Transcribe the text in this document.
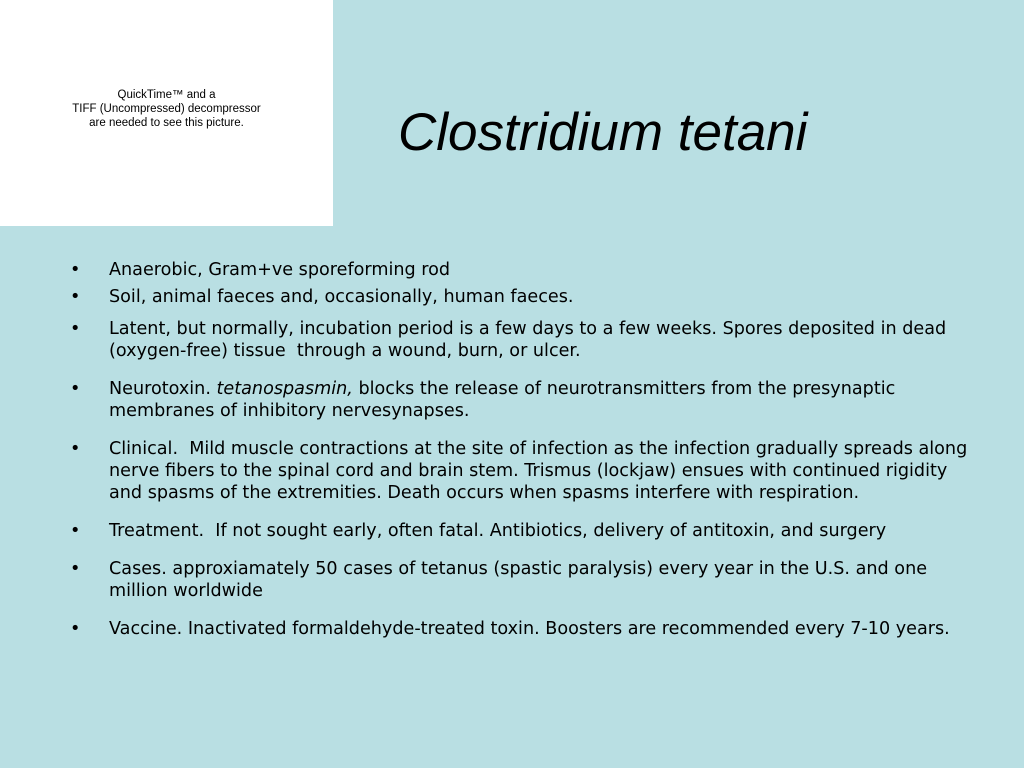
QuickTime™ and a
TIFF (Uncompressed) decompressor
are needed to see this picture.	Clostridium tetani
• Anaerobic, Gram+ve sporeforming rod
• Soil, animal faeces and, occasionally, human faeces.
• Latent, but normally, incubation period is a few days to a few weeks. Spores deposited in dead (oxygen-free) tissue  through a wound, burn, or ulcer.
• Neurotoxin. tetanospasmin, blocks the release of neurotransmitters from the presynaptic membranes of inhibitory nervesynapses.
• Clinical.  Mild muscle contractions at the site of infection as the infection gradually spreads along nerve fibers to the spinal cord and brain stem. Trismus (lockjaw) ensues with continued rigidity and spasms of the extremities. Death occurs when spasms interfere with respiration.
• Treatment.  If not sought early, often fatal. Antibiotics, delivery of antitoxin, and surgery
• Cases. approxiamately 50 cases of tetanus (spastic paralysis) every year in the U.S. and one million worldwide
• Vaccine. Inactivated formaldehyde-treated toxin. Boosters are recommended every 7-10 years.
